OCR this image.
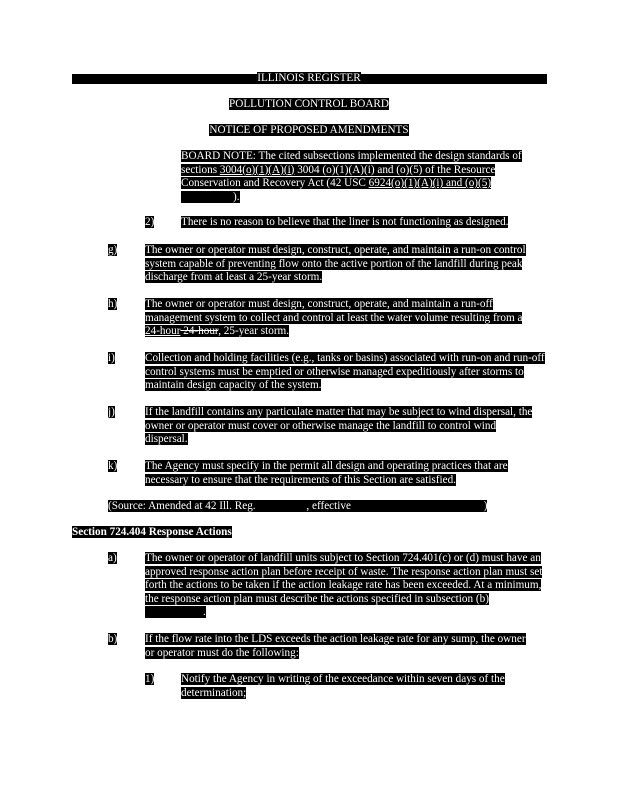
ILLINOIS REGISTER
POLLUTION CONTROL BOARD
NOTICE OF PROPOSED AMENDMENTS
BOARD NOTE: The cited subsections implemented the design standards of sections 3004(o)(1)(A)(i) 3004 (o)(1)(A)(i) and (o)(5) of the Resource Conservation and Recovery Act (42 USC 6924(o)(1)(A)(i) and (o)(5) ).
2) There is no reason to believe that the liner is not functioning as designed.
g) The owner or operator must design, construct, operate, and maintain a run-on control system capable of preventing flow onto the active portion of the landfill during peak discharge from at least a 25-year storm.
h) The owner or operator must design, construct, operate, and maintain a run-off management system to collect and control at least the water volume resulting from a 24-hour 24-hour, 25-year storm.
i)	Collection and holding facilities (e.g., tanks or basins) associated with run-on and run-off control systems must be emptied or otherwise managed expeditiously after storms to maintain design capacity of the system.
j)	If the landfill contains any particulate matter that may be subject to wind dispersal, the owner or operator must cover or otherwise manage the landfill to control wind dispersal.
k) The Agency must specify in the permit all design and operating practices that are necessary to ensure that the requirements of this Section are satisfied.
(Source: Amended at 42 Ill. Reg.	, effective	)
Section 724.404 Response Actions
a)	The owner or operator of landfill units subject to Section 724.401(c) or (d) must have an approved response action plan before receipt of waste. The response action plan must set forth the actions to be taken if the action leakage rate has been exceeded. At a minimum, the response action plan must describe the actions specified in subsection (b) .
b) If the flow rate into the LDS exceeds the action leakage rate for any sump, the owner or operator must do the following:
1) Notify the Agency in writing of the exceedance within seven days of the determination;
